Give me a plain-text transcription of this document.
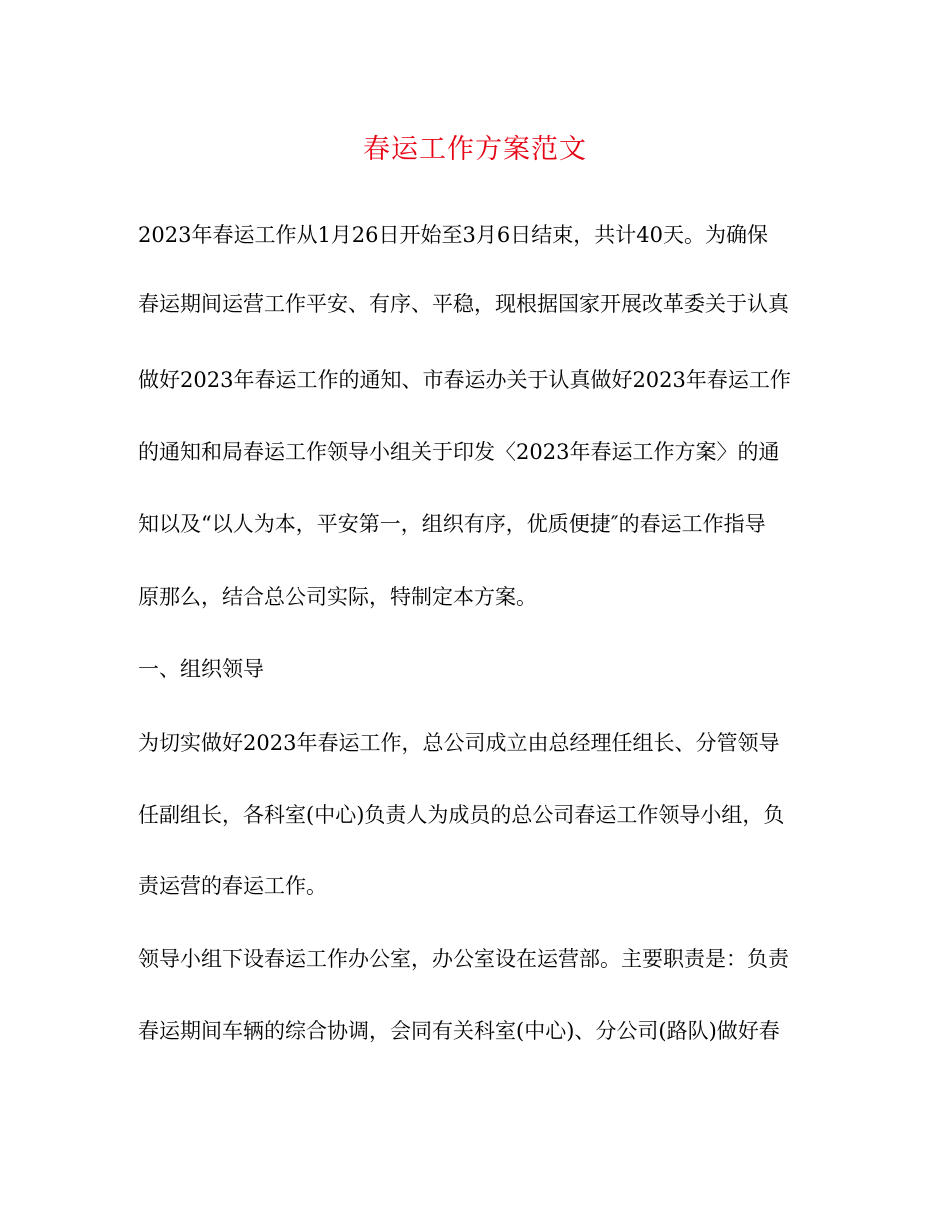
春运工作方案范文
2023年春运工作从1月26日开始至3月6日结束，共计40天。为确保
春运期间运营工作平安、有序、平稳，现根据国家开展改革委关于认真
做好2023年春运工作的通知、市春运办关于认真做好2023年春运工作
的通知和局春运工作领导小组关于印发〈2023年春运工作方案〉的通
知以及“以人为本，平安第一，组织有序，优质便捷″的春运工作指导
原那么，结合总公司实际，特制定本方案。
一、组织领导
为切实做好2023年春运工作，总公司成立由总经理任组长、分管领导
任副组长，各科室(中心)负责人为成员的总公司春运工作领导小组，负
责运营的春运工作。
领导小组下设春运工作办公室，办公室设在运营部。主要职责是：负责
春运期间车辆的综合协调，会同有关科室(中心)、分公司(路队)做好春
